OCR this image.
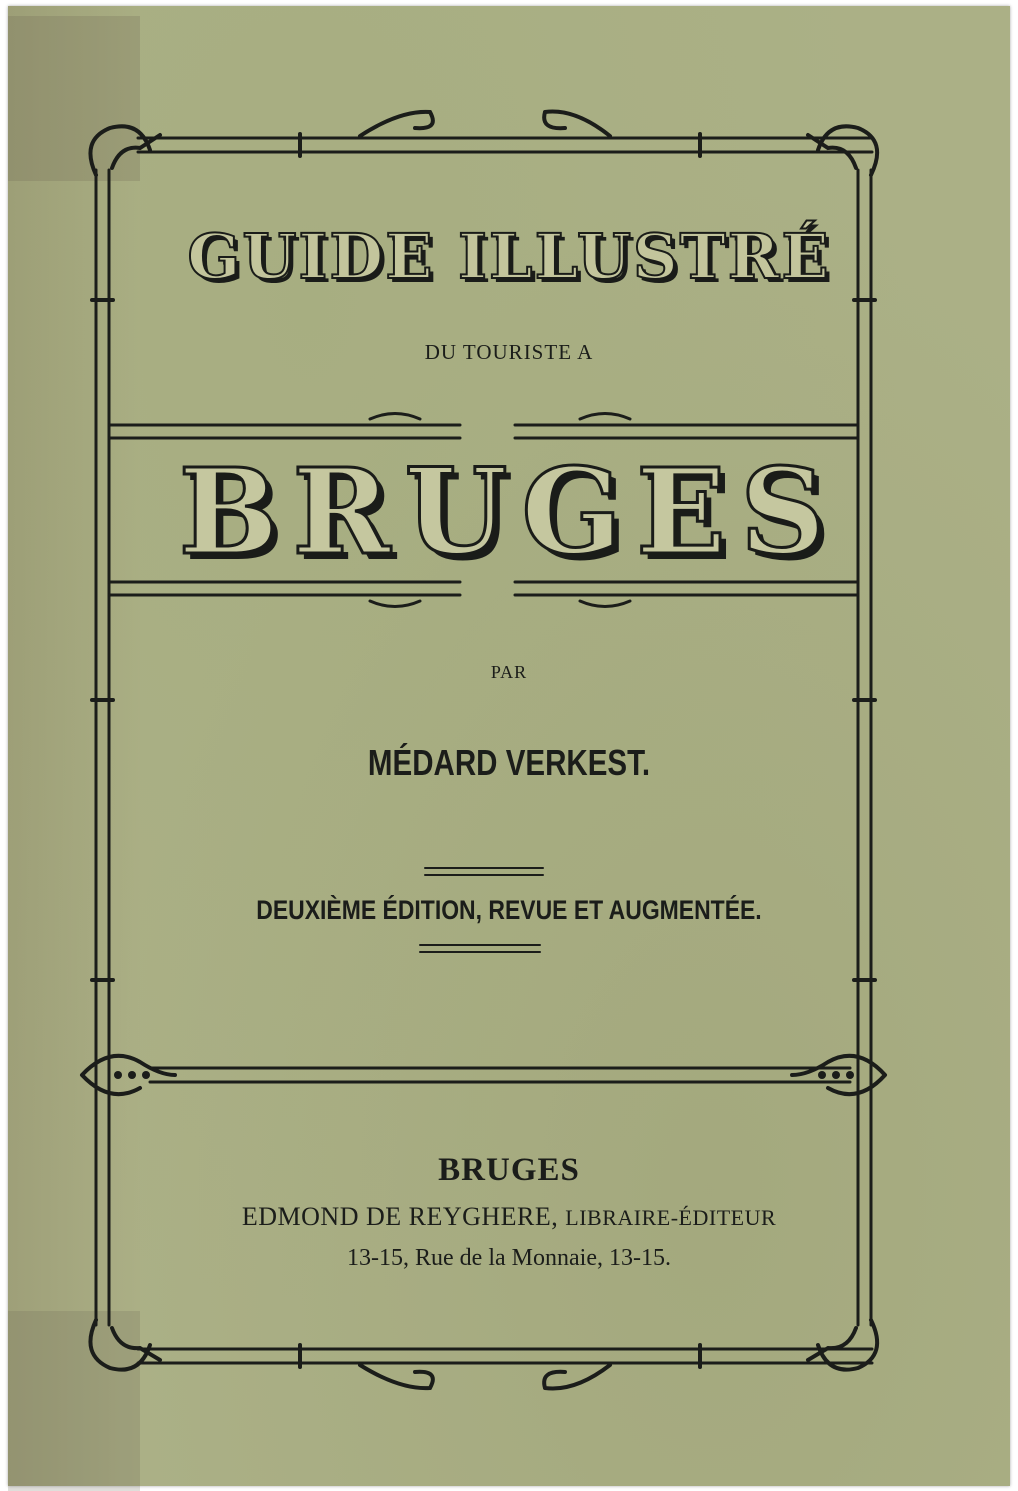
GUIDE ILLUSTRÉ
DU TOURISTE A
BRUGES
PAR
MÉDARD VERKEST.
DEUXIÈME ÉDITION, REVUE ET AUGMENTÉE.
BRUGES
EDMOND DE REYGHERE, LIBRAIRE-ÉDITEUR
13-15, Rue de la Monnaie, 13-15.
